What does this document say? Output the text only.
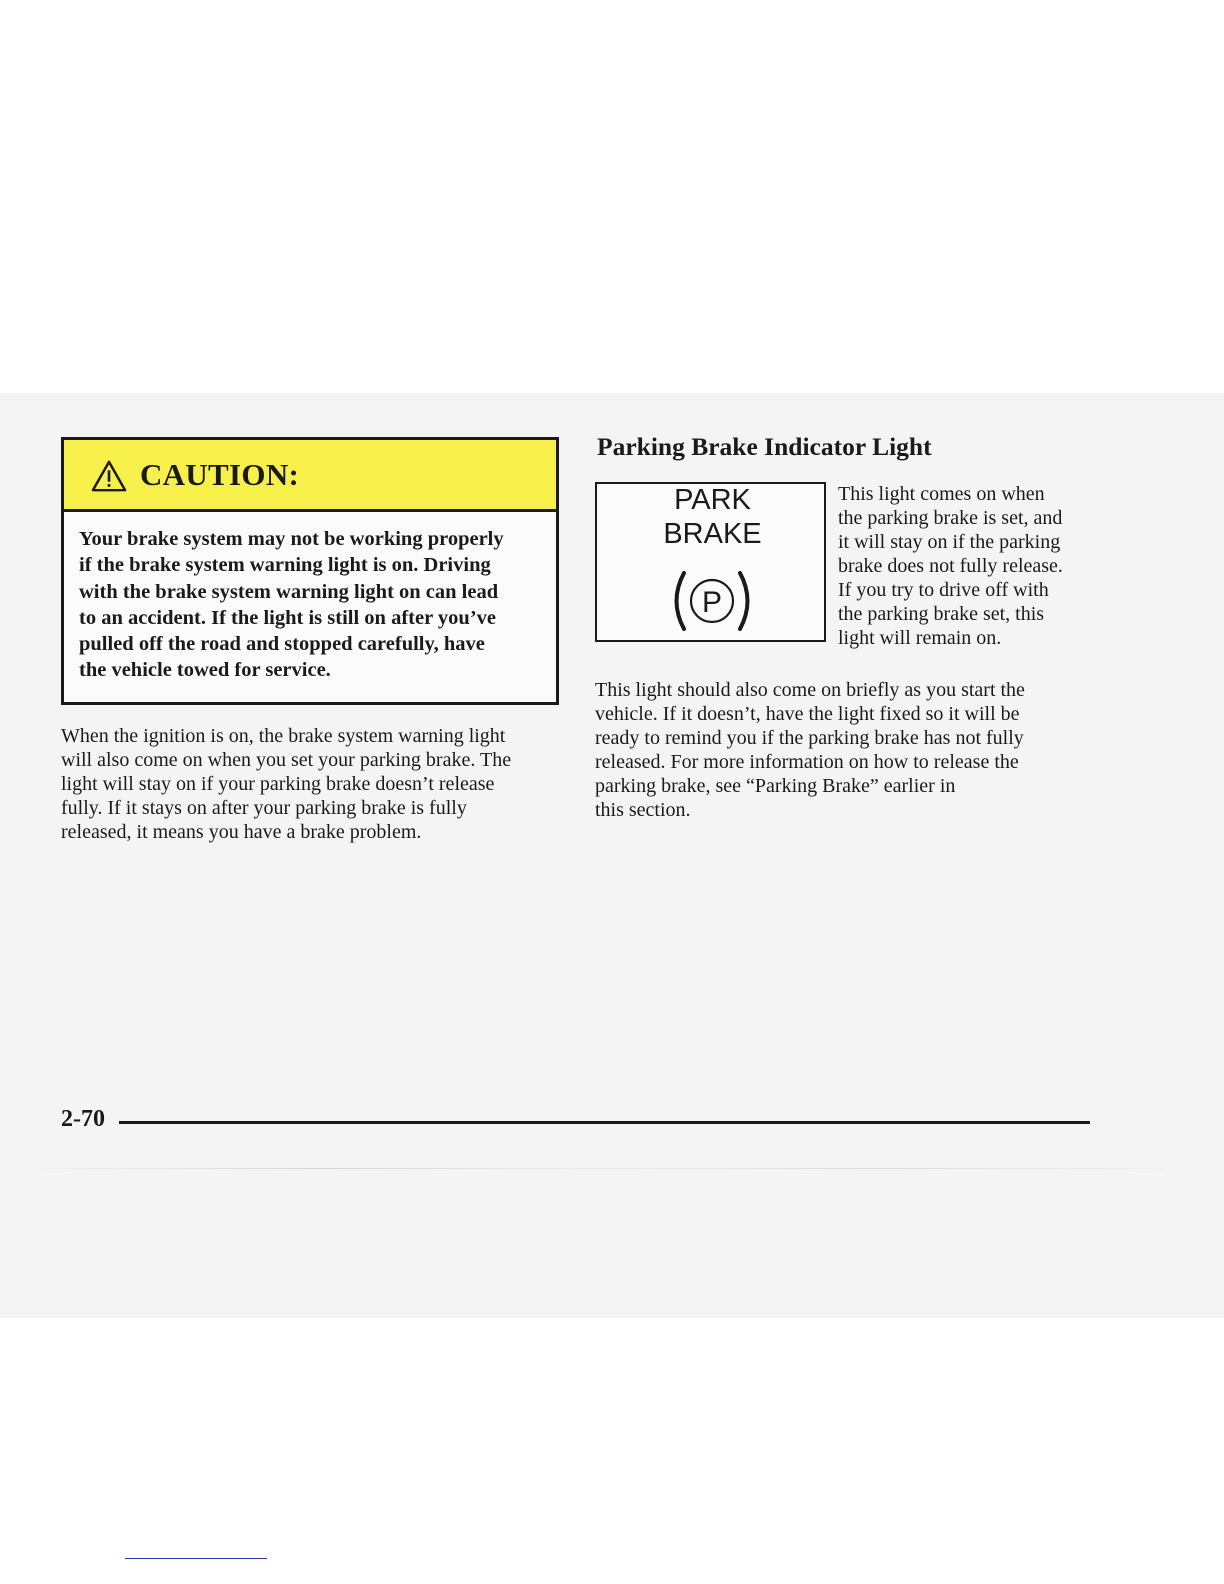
CAUTION:
Your brake system may not be working properly
if the brake system warning light is on. Driving
with the brake system warning light on can lead
to an accident. If the light is still on after you’ve
pulled off the road and stopped carefully, have
the vehicle towed for service.
When the ignition is on, the brake system warning light
will also come on when you set your parking brake. The
light will stay on if your parking brake doesn’t release
fully. If it stays on after your parking brake is fully
released, it means you have a brake problem.
Parking Brake Indicator Light
PARK
BRAKE
P
This light comes on when
the parking brake is set, and
it will stay on if the parking
brake does not fully release.
If you try to drive off with
the parking brake set, this
light will remain on.
This light should also come on briefly as you start the
vehicle. If it doesn’t, have the light fixed so it will be
ready to remind you if the parking brake has not fully
released. For more information on how to release the
parking brake, see “Parking Brake” earlier in
this section.
2-70
